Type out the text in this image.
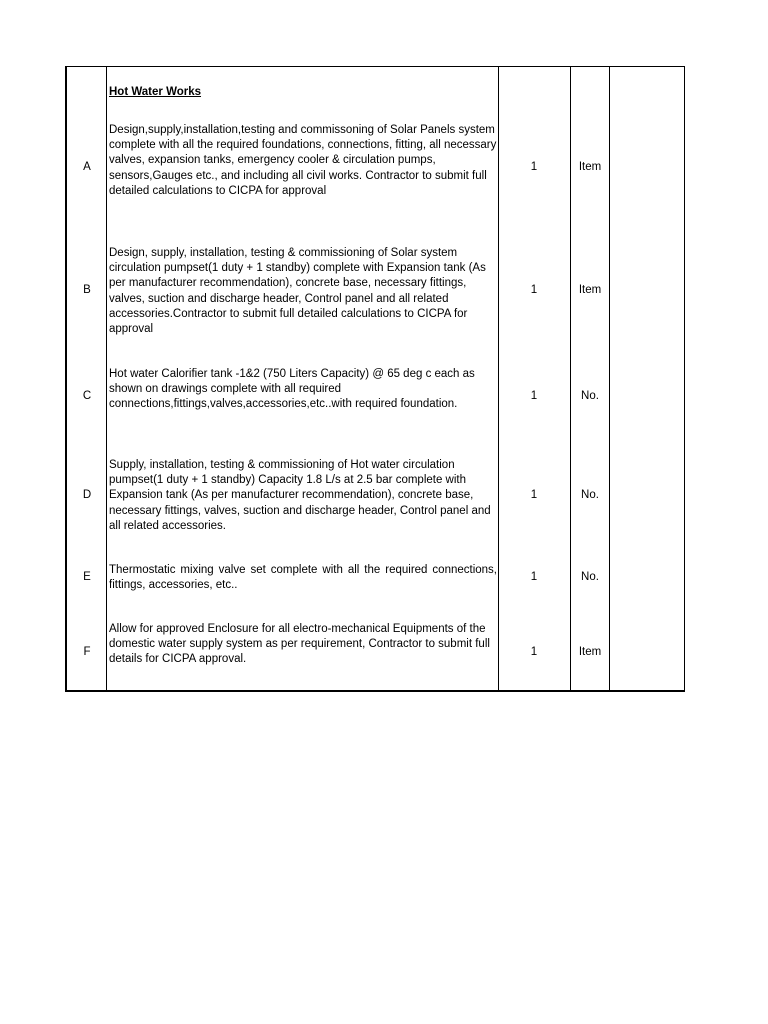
Hot Water Works
A
Design,supply,installation,testing and commissoning of Solar Panels system complete with all the required foundations, connections, fitting, all necessary valves, expansion tanks, emergency cooler & circulation pumps, sensors,Gauges etc., and including all civil works. Contractor to submit full detailed calculations to CICPA for approval
1	Item
B
Design, supply, installation, testing & commissioning of Solar system circulation pumpset(1 duty + 1 standby) complete with Expansion tank (As per manufacturer recommendation), concrete base, necessary fittings, valves, suction and discharge header, Control panel and all related accessories.Contractor to submit full detailed calculations to CICPA for approval
1	Item
C
Hot water Calorifier tank -1&2 (750 Liters Capacity) @ 65 deg c each as shown on drawings complete with all required connections,fittings,valves,accessories,etc..with required foundation.
1	No.
D
Supply, installation, testing & commissioning of Hot water circulation pumpset(1 duty + 1 standby) Capacity 1.8 L/s at 2.5 bar complete with Expansion tank (As per manufacturer recommendation), concrete base, necessary fittings, valves, suction and discharge header, Control panel and all related accessories.
1	No.
E
Thermostatic mixing valve set complete with all the required connections, fittings, accessories, etc..
1	No.
F
Allow for approved Enclosure for all electro-mechanical Equipments of the domestic water supply system as per requirement, Contractor to submit full details for CICPA approval.
1	Item
